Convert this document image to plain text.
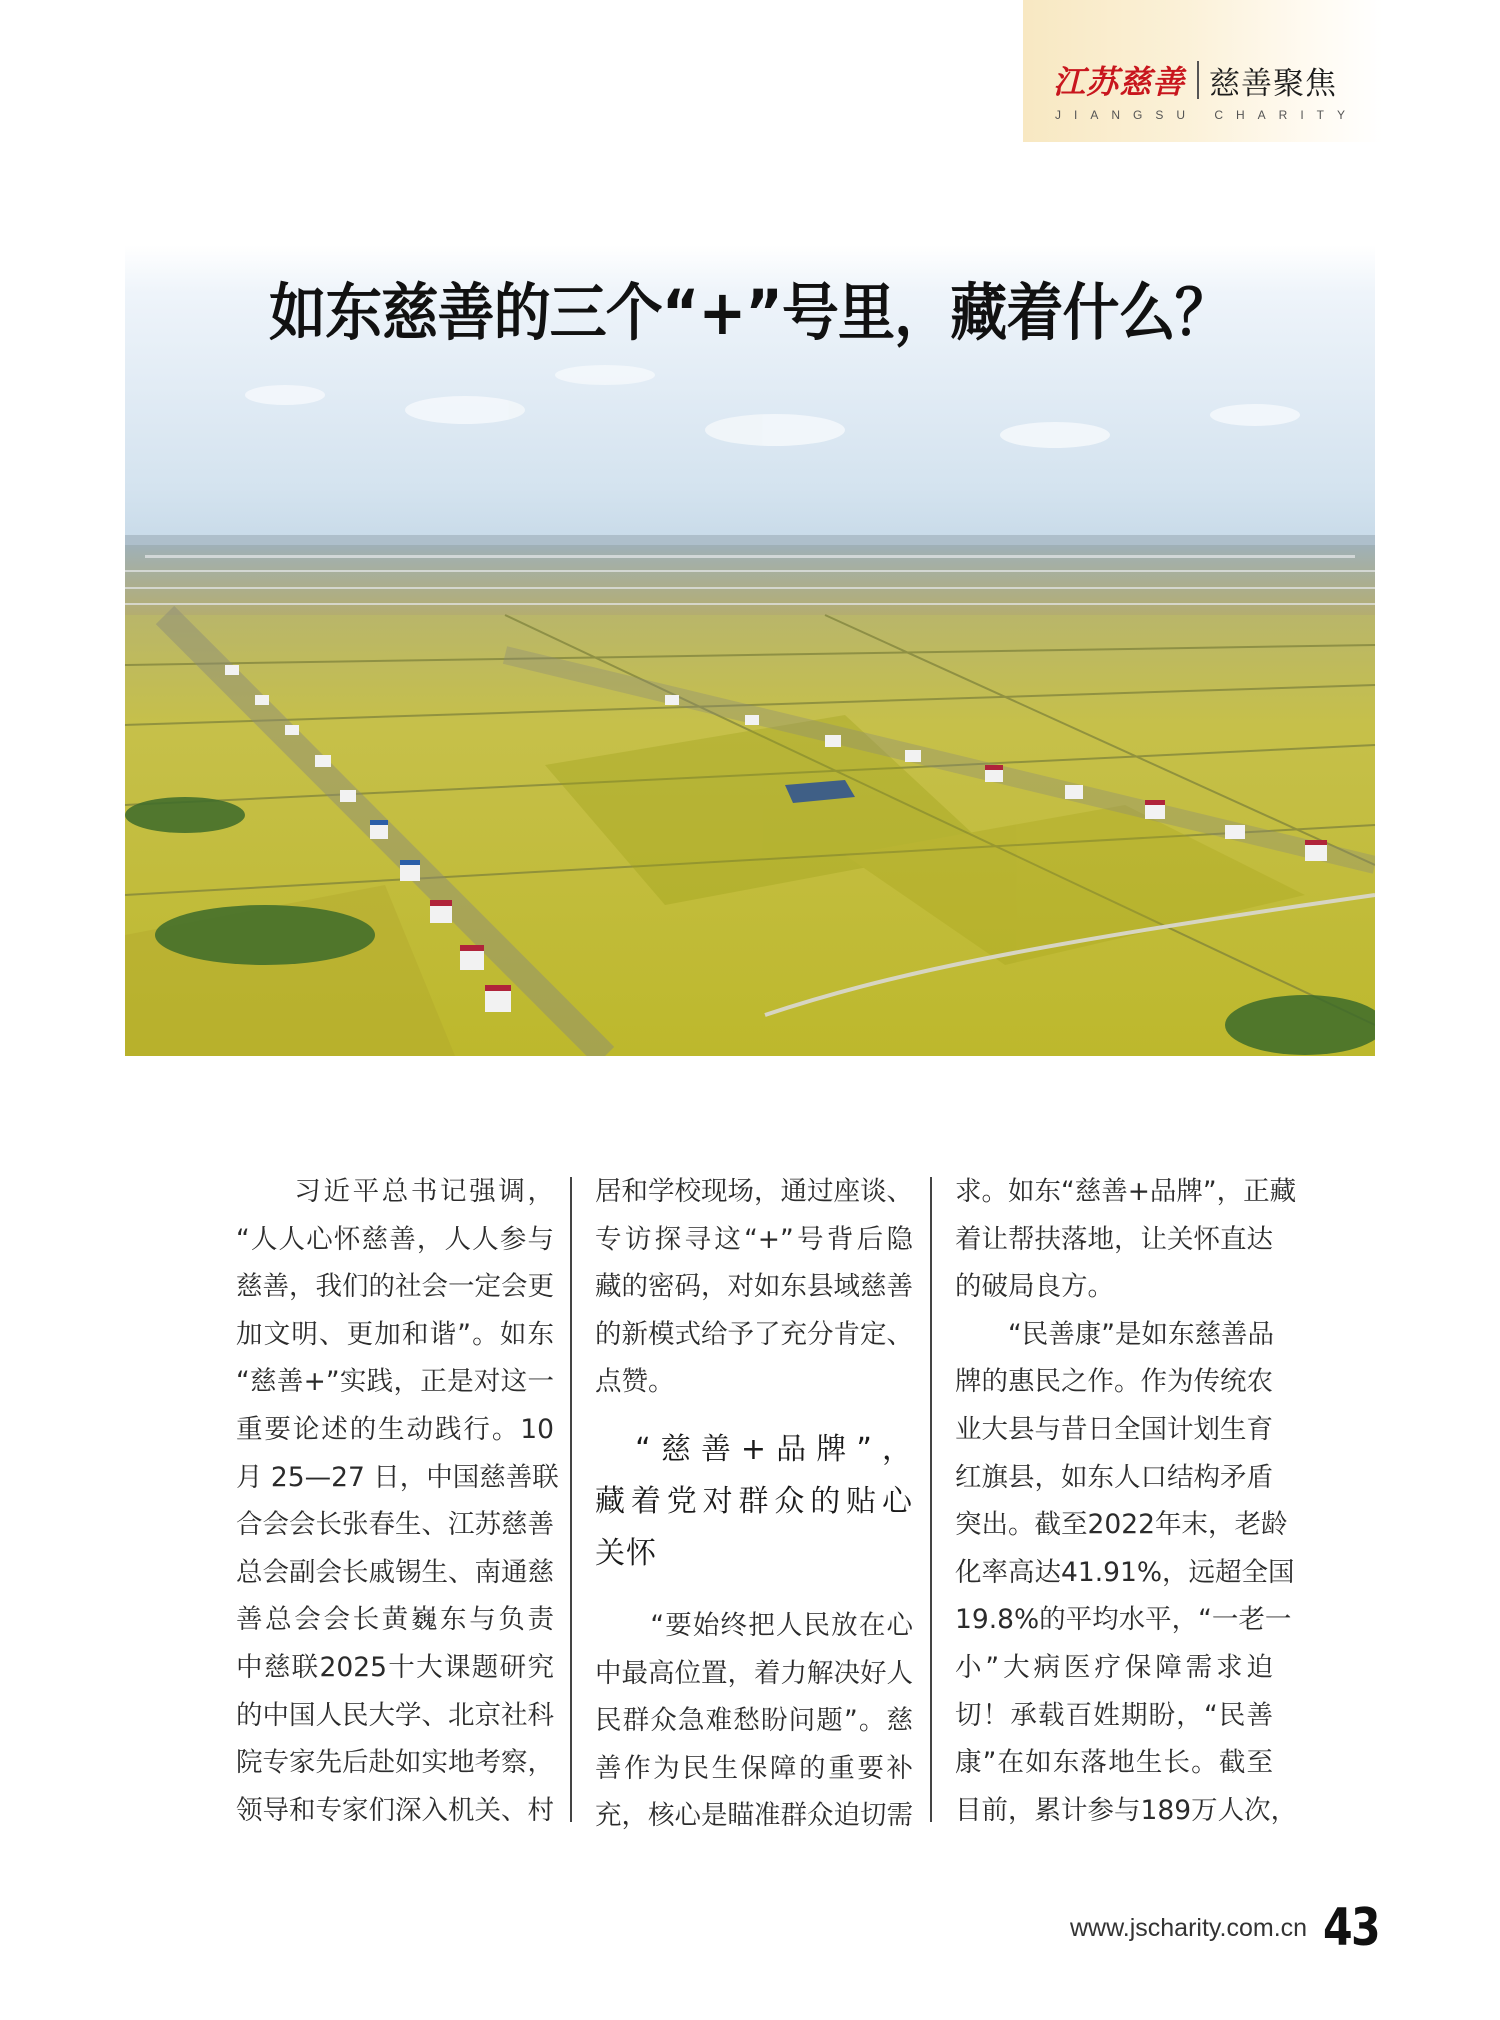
江苏慈善 慈善聚焦
JIANGSU CHARITY
如东慈善的三个“+”号里，藏着什么？
　　习近平总书记强调，
“人人心怀慈善，人人参与
慈善，我们的社会一定会更
加文明、更加和谐”。如东
“慈善+”实践，正是对这一
重要论述的生动践行。10
月 25—27 日，中国慈善联
合会会长张春生、江苏慈善
总会副会长戚锡生、南通慈
善总会会长黄巍东与负责
中慈联2025十大课题研究
的中国人民大学、北京社科
院专家先后赴如实地考察，
领导和专家们深入机关、村
居和学校现场，通过座谈、
专访探寻这“+”号背后隐
藏的密码，对如东县域慈善
的新模式给予了充分肯定、
点赞。
　“慈善+品牌”，
藏着党对群众的贴心
关怀
　　“要始终把人民放在心
中最高位置，着力解决好人
民群众急难愁盼问题”。慈
善作为民生保障的重要补
充，核心是瞄准群众迫切需
求。如东“慈善+品牌”，正藏
着让帮扶落地，让关怀直达
的破局良方。
　　“民善康”是如东慈善品
牌的惠民之作。作为传统农
业大县与昔日全国计划生育
红旗县，如东人口结构矛盾
突出。截至2022年末，老龄
化率高达41.91%，远超全国
19.8%的平均水平，“一老一
小”大病医疗保障需求迫
切！承载百姓期盼，“民善
康”在如东落地生长。截至
目前，累计参与189万人次，
www.jscharity.com.cn 43
